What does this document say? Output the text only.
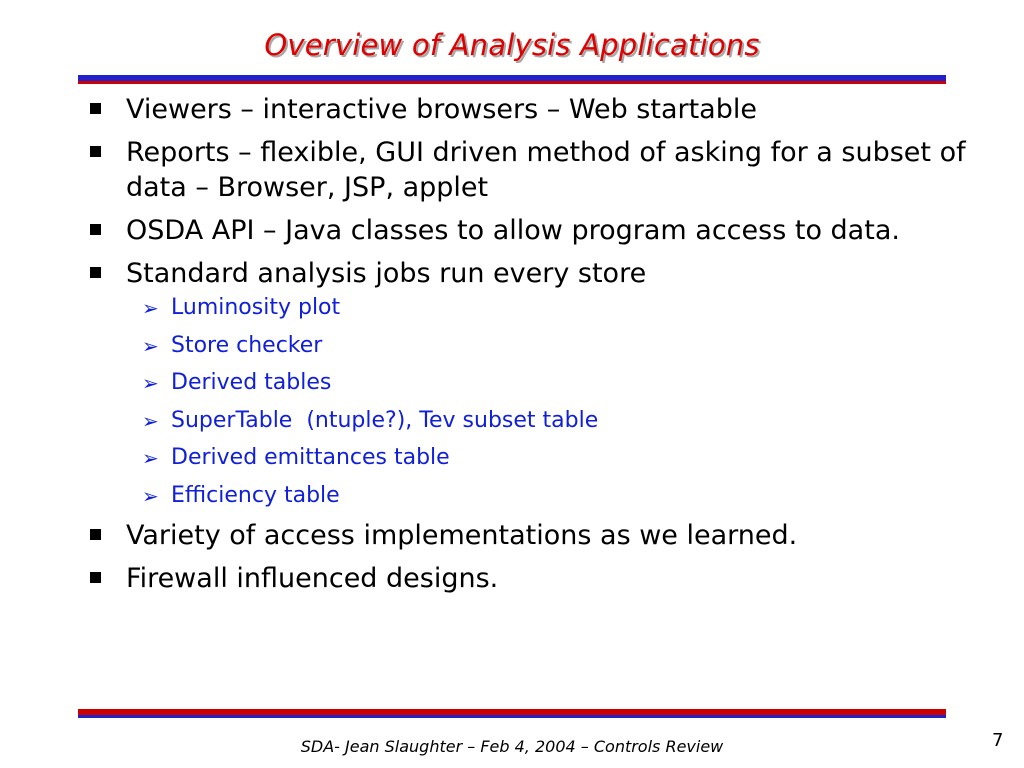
Overview of Analysis Applications
Viewers – interactive browsers – Web startable
Reports – flexible, GUI driven method of asking for a subset of data – Browser, JSP, applet
OSDA API – Java classes to allow program access to data.
Standard analysis jobs run every store
➢ Luminosity plot
➢ Store checker
➢ Derived tables
➢ SuperTable  (ntuple?), Tev subset table
➢ Derived emittances table
➢ Efficiency table
Variety of access implementations as we learned.
Firewall influenced designs.
SDA- Jean Slaughter – Feb 4, 2004 – Controls Review	7
